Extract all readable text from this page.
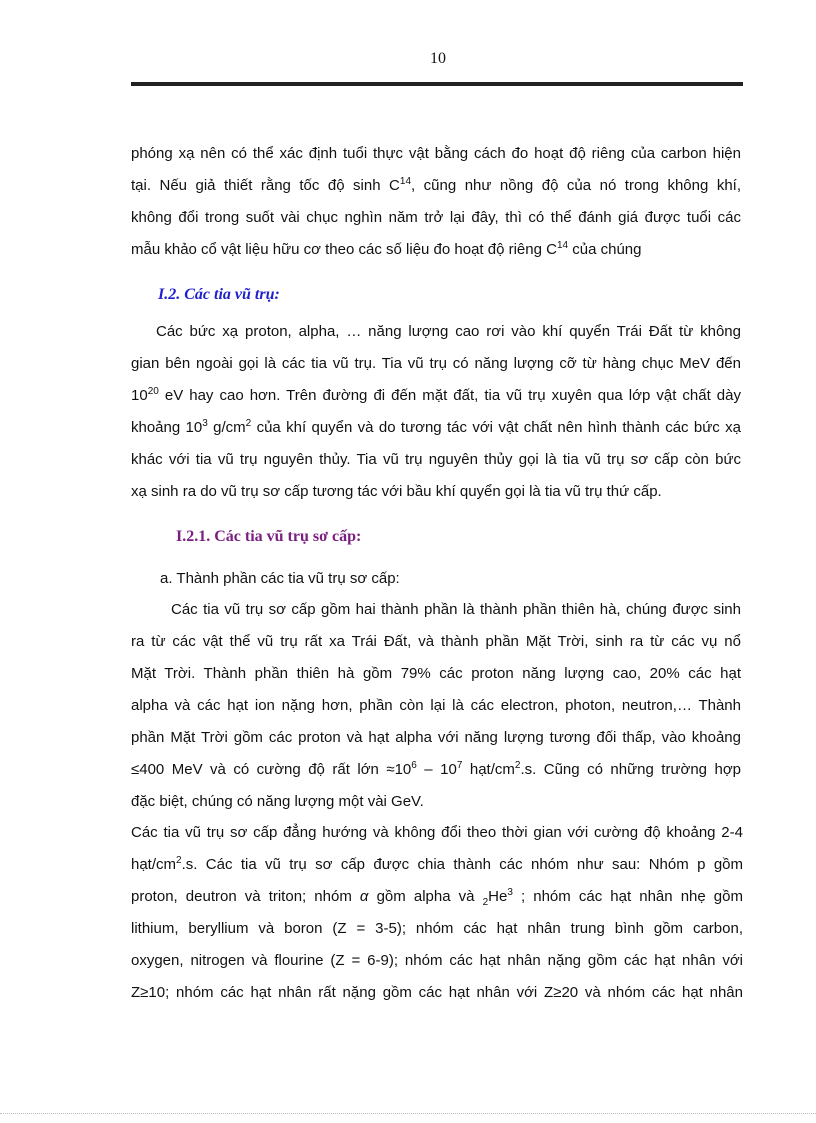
10
phóng xạ nên có thể xác định tuổi thực vật bằng cách đo hoạt độ riêng của carbon hiện
tại. Nếu giả thiết rằng tốc độ $\sinh C^{14}$, cũng như nồng độ của nó trong không khí,
không đổi trong suốt vài chục nghìn năm trở lại đây, thì có thể đánh giá được tuổi các
mẫu khảo cổ vật liệu hữu cơ theo các số liệu đo hoạt độ riêng $C^{14}$ của chúng
I.2. Các tia vũ trụ:
Các bức xạ proton, alpha, … năng lượng cao rơi vào khí quyển Trái Đất từ không
gian bên ngoài gọi là các tia vũ trụ. Tia vũ trụ có năng lượng cỡ từ hàng chục MeV đến
$10^{20}$ eV hay cao hơn. Trên đường đi đến mặt đất, tia vũ trụ xuyên qua lớp vật chất dày
khoảng $10^3$ $g/cm^2$ của khí quyển và do tương tác với vật chất nên hình thành các bức xạ
khác với tia vũ trụ nguyên thủy. Tia vũ trụ nguyên thủy gọi là tia vũ trụ sơ cấp còn bức
xạ sinh ra do vũ trụ sơ cấp tương tác với bầu khí quyển gọi là tia vũ trụ thứ cấp.
I.2.1. Các tia vũ trụ sơ cấp:
a. Thành phần các tia vũ trụ sơ cấp:
Các tia vũ trụ sơ cấp gồm hai thành phần là thành phần thiên hà, chúng được sinh
ra từ các vật thể vũ trụ rất xa Trái Đất, và thành phần Mặt Trời, sinh ra từ các vụ nổ
Mặt Trời. Thành phần thiên hà gồm 79% các proton năng lượng cao, 20% các hạt
alpha và các hạt ion nặng hơn, phần còn lại là các electron, photon, neutron,… Thành
phần Mặt Trời gồm các proton và hạt alpha với năng lượng tương đối thấp, vào khoảng
≤400 MeV và có cường độ rất lớn $\approx 10^6 - 10^7$ hạt/$cm^2.s$. Cũng có những trường hợp
đặc biệt, chúng có năng lượng một vài GeV.
Các tia vũ trụ sơ cấp đẳng hướng và không đổi theo thời gian với cường độ khoảng 2-4
hạt/$cm^2.s$. Các tia vũ trụ sơ cấp được chia thành các nhóm như sau: Nhóm p gồm
proton, deutron và triton; nhóm α gồm alpha và $_2He^3$ ; nhóm các hạt nhân nhẹ gồm
lithium, beryllium và boron (Z = 3-5); nhóm các hạt nhân trung bình gồm carbon,
oxygen, nitrogen và flourine (Z = 6-9); nhóm các hạt nhân nặng gồm các hạt nhân với
Z≥10; nhóm các hạt nhân rất nặng gồm các hạt nhân với Z≥20 và nhóm các hạt nhân
